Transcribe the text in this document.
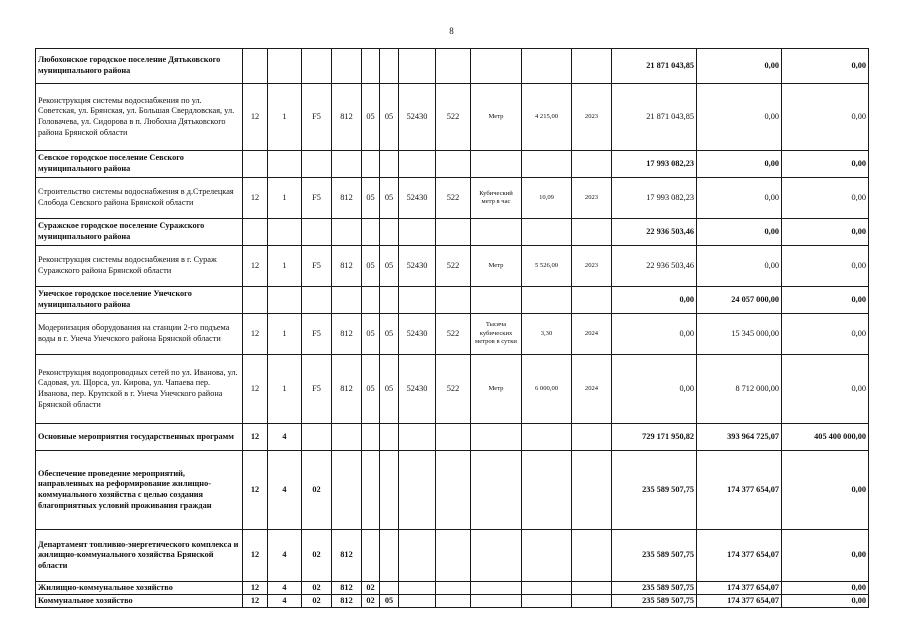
8
Любохонское городское поселение Дятьковского муниципального района												21 871 043,85	0,00	0,00
Реконструкция системы водоснабжения по ул. Советская, ул. Брянская, ул. Большая Свердловская, ул. Головачева, ул. Сидорова в п. Любохна Дятьковского района Брянской области	12	1	F5	812	05	05	52430	522	Метр	4 215,00	2023	21 871 043,85	0,00	0,00
Севское городское поселение Севского муниципального района												17 993 082,23	0,00	0,00
Строительство системы водоснабжения в д.Стрелецкая Слобода Севского района Брянской области	12	1	F5	812	05	05	52430	522	Кубический метр в час	10,09	2023	17 993 082,23	0,00	0,00
Суражское городское поселение Суражского муниципального района												22 936 503,46	0,00	0,00
Реконструкция системы водоснабжения в г. Сураж Суражского района Брянской области	12	1	F5	812	05	05	52430	522	Метр	5 526,00	2023	22 936 503,46	0,00	0,00
Унечское городское поселение Унечского муниципального района												0,00	24 057 000,00	0,00
Модернизация оборудования на станции 2-го подъема воды в г. Унеча Унечского района Брянской области	12	1	F5	812	05	05	52430	522	Тысяча кубических метров в сутки	3,30	2024	0,00	15 345 000,00	0,00
Реконструкция водопроводных сетей по ул. Иванова, ул. Садовая, ул. Щорса, ул. Кирова, ул. Чапаева пер. Иванова, пер. Крупской в г. Унеча Унечского района Брянской области	12	1	F5	812	05	05	52430	522	Метр	6 000,00	2024	0,00	8 712 000,00	0,00
Основные мероприятия государственных программ	12	4										729 171 950,82	393 964 725,07	405 400 000,00
Обеспечение проведение мероприятий, направленных на реформирование жилищно-коммунального хозяйства с целью создания благоприятных условий проживания граждан	12	4	02									235 589 507,75	174 377 654,07	0,00
Департамент топливно-энергетического комплекса и жилищно-коммунального хозяйства Брянской области	12	4	02	812								235 589 507,75	174 377 654,07	0,00
Жилищно-коммунальное хозяйство	12	4	02	812	02							235 589 507,75	174 377 654,07	0,00
Коммунальное хозяйство	12	4	02	812	02	05						235 589 507,75	174 377 654,07	0,00
